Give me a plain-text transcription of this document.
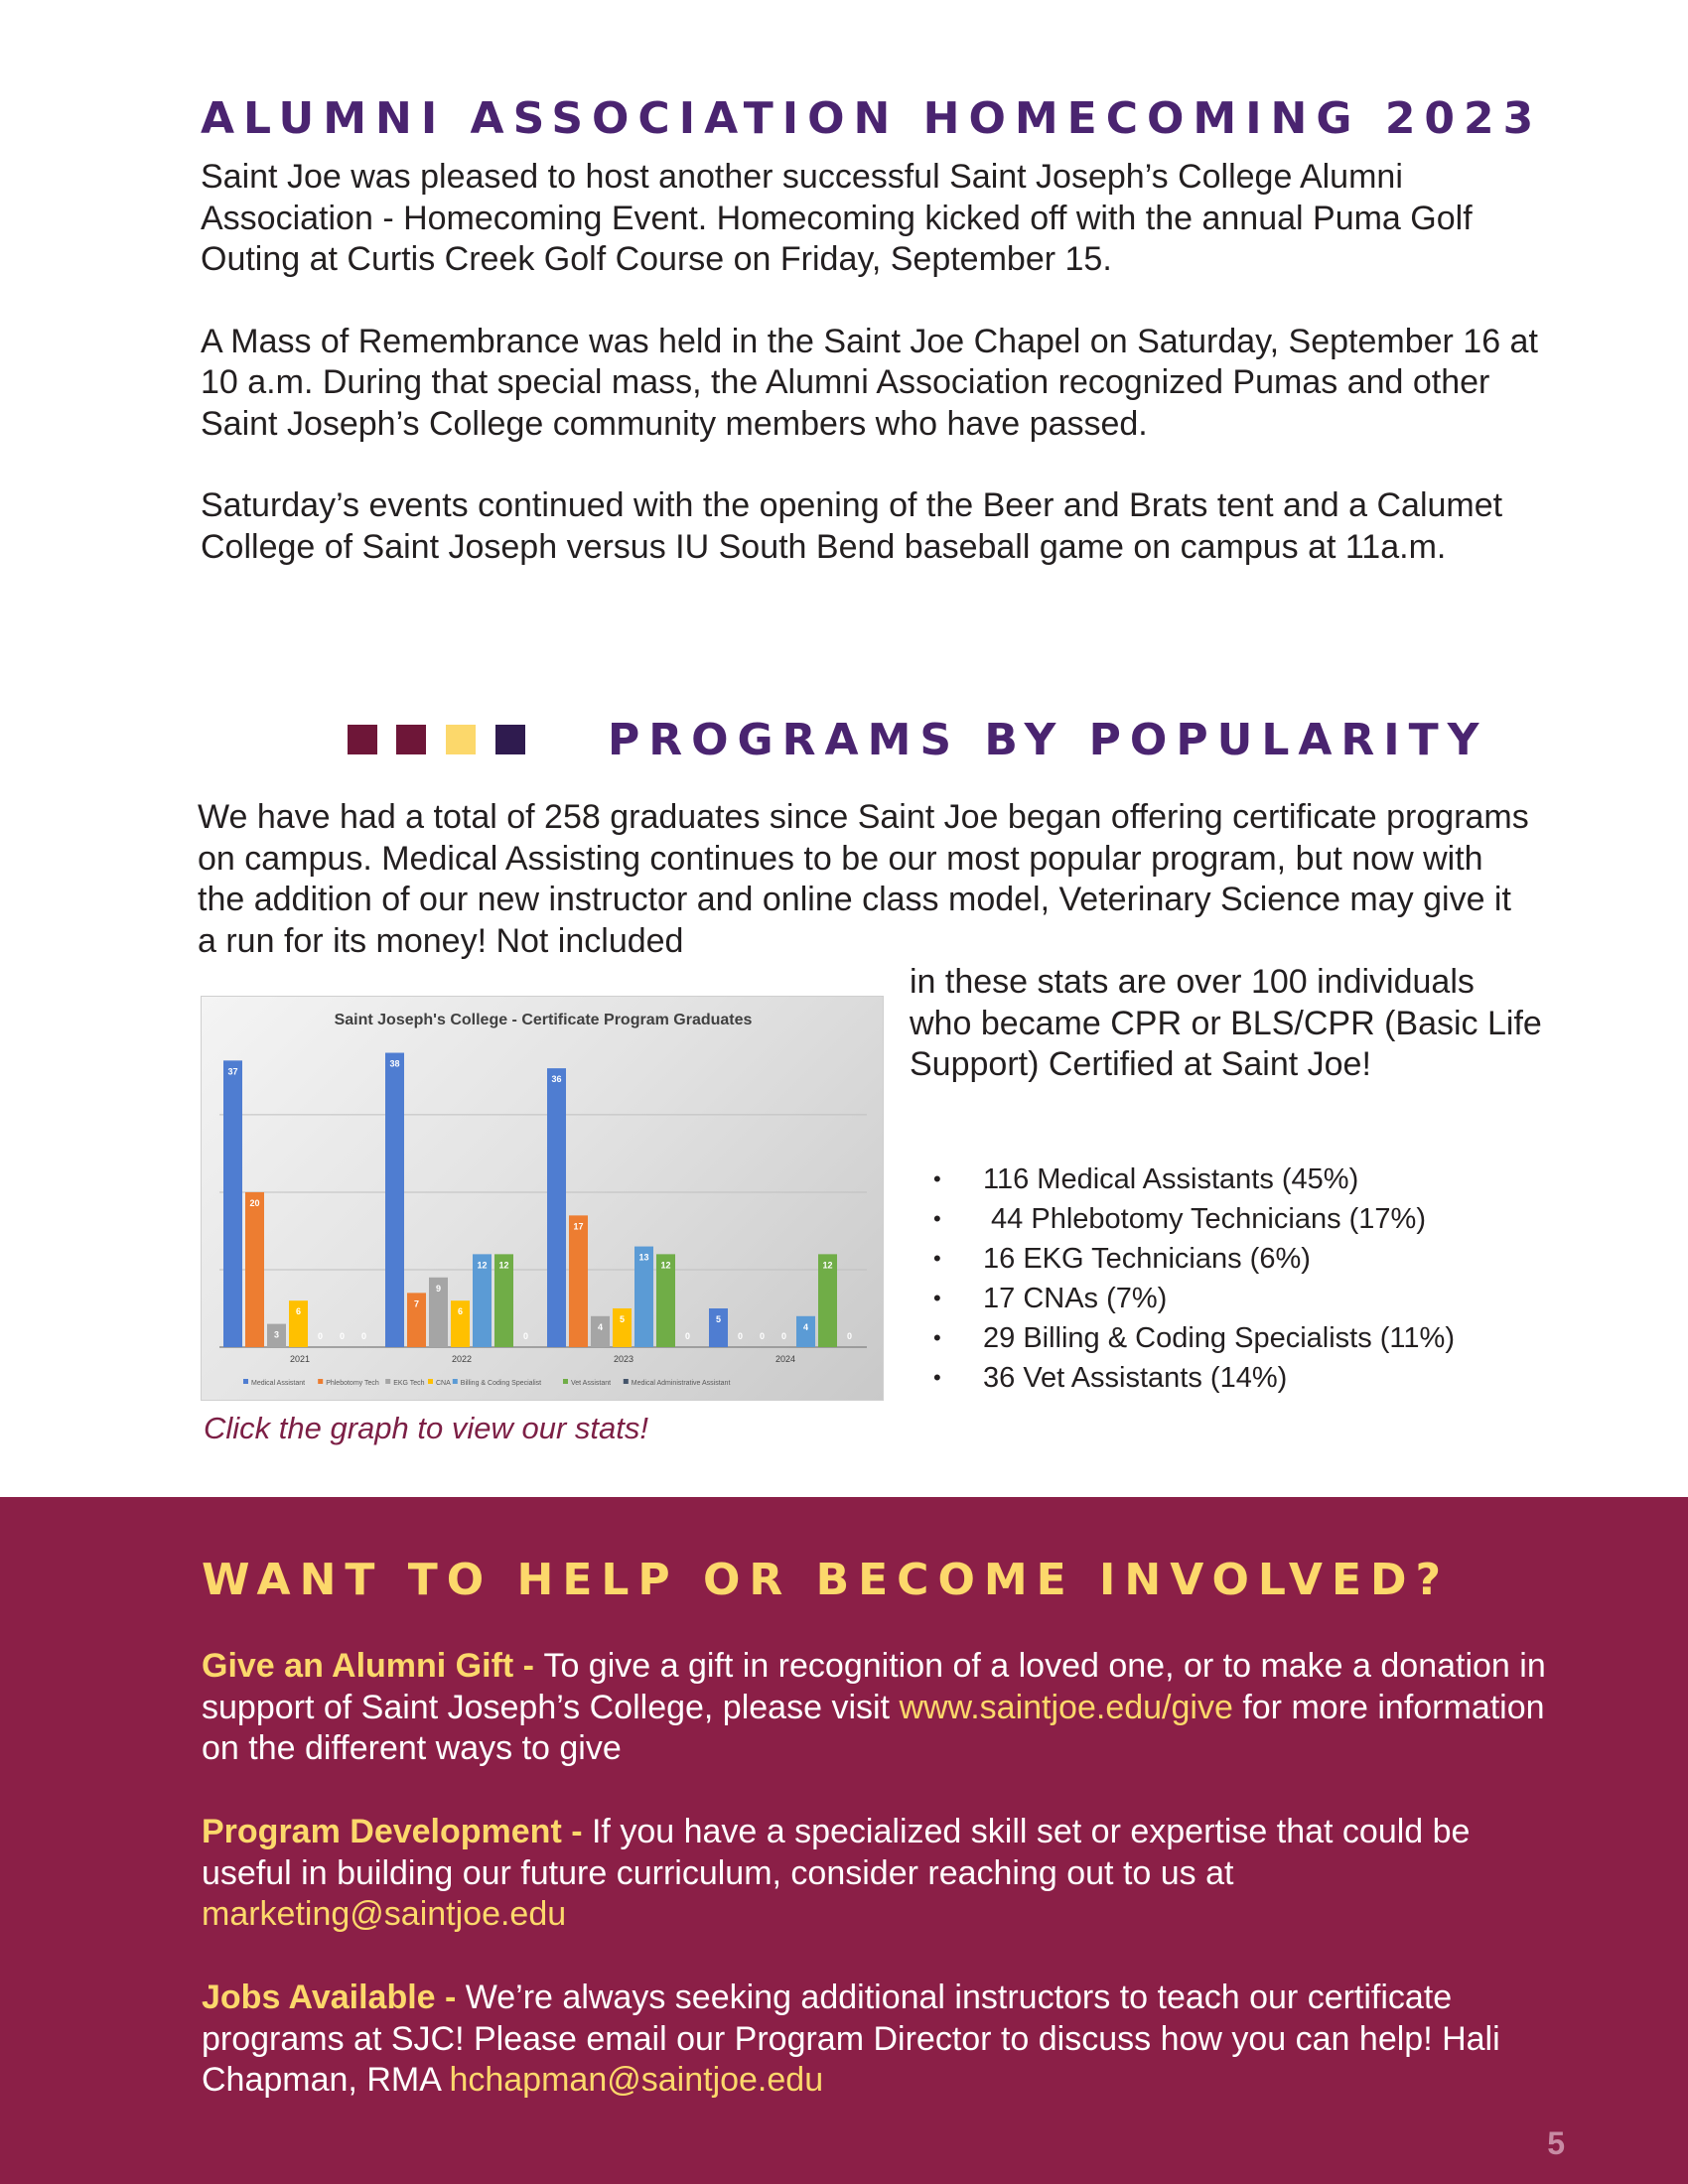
ALUMNI ASSOCIATION HOMECOMING 2023

Saint Joe was pleased to host another successful Saint Joseph’s College Alumni Association - Homecoming Event. Homecoming kicked off with the annual Puma Golf Outing at Curtis Creek Golf Course on Friday, September 15.

A Mass of Remembrance was held in the Saint Joe Chapel on Saturday, September 16 at 10 a.m. During that special mass, the Alumni Association recognized Pumas and other Saint Joseph’s College community members who have passed.

Saturday’s events continued with the opening of the Beer and Brats tent and a Calumet College of Saint Joseph versus IU South Bend baseball game on campus at 11a.m.

PROGRAMS BY POPULARITY

We have had a total of 258 graduates since Saint Joe began offering certificate programs on campus. Medical Assisting continues to be our most popular program, but now with the addition of our new instructor and online class model, Veterinary Science may give it a run for its money! Not included

in these stats are over 100 individuals who became CPR or BLS/CPR (Basic Life Support) Certified at Saint Joe!

Saint Joseph's College - Certificate Program Graduates
37
20
3
6
0 0 0
2021
38
7
9
6
12 12
0
2022
36
17
4
5
13
12
0
2023
5
0 0 0
4
12
0
2024
Medical Assistant	Phlebotomy Tech EKG Tech CNA Billing & Coding Specialist	Vet Assistant	Medical Administrative Assistant
Click the graph to view our stats!
•	116 Medical Assistants (45%)
•	44 Phlebotomy Technicians (17%)
•	16 EKG Technicians (6%)
•	17 CNAs (7%)
•	29 Billing & Coding Specialists (11%)
•	36 Vet Assistants (14%)
WANT TO HELP OR BECOME INVOLVED?

Give an Alumni Gift - To give a gift in recognition of a loved one, or to make a donation in support of Saint Joseph’s College, please visit www.saintjoe.edu/give for more information on the different ways to give

Program Development - If you have a specialized skill set or expertise that could be useful in building our future curriculum, consider reaching out to us at marketing@saintjoe.edu

Jobs Available - We’re always seeking additional instructors to teach our certificate programs at SJC! Please email our Program Director to discuss how you can help! Hali Chapman, RMA hchapman@saintjoe.edu

5
